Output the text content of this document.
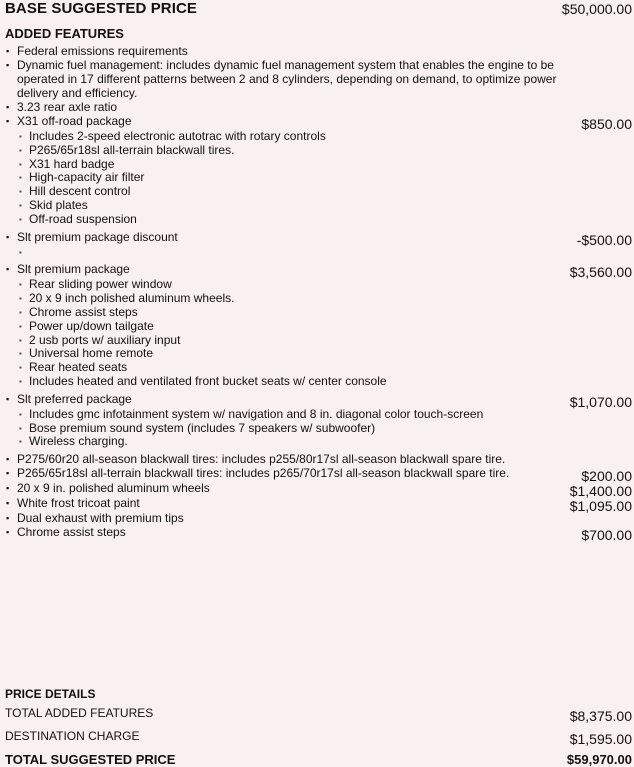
BASE SUGGESTED PRICE	$50,000.00
ADDED FEATURES
▪ Federal emissions requirements
▪ Dynamic fuel management: includes dynamic fuel management system that enables the engine to be operated in 17 different patterns between 2 and 8 cylinders, depending on demand, to optimize power delivery and efficiency.
▪ 3.23 rear axle ratio
▪ X31 off-road package	$850.00
▪ Includes 2-speed electronic autotrac with rotary controls
▪ P265/65r18sl all-terrain blackwall tires.
▪ X31 hard badge
▪ High-capacity air filter
▪ Hill descent control
▪ Skid plates
▪ Off-road suspension
▪ Slt premium package discount	-$500.00
▪
▪ Slt premium package	$3,560.00
▪ Rear sliding power window
▪ 20 x 9 inch polished aluminum wheels.
▪ Chrome assist steps
▪ Power up/down tailgate
▪ 2 usb ports w/ auxiliary input
▪ Universal home remote
▪ Rear heated seats
▪ Includes heated and ventilated front bucket seats w/ center console
▪ Slt preferred package	$1,070.00
▪ Includes gmc infotainment system w/ navigation and 8 in. diagonal color touch-screen
▪ Bose premium sound system (includes 7 speakers w/ subwoofer)
▪ Wireless charging.
▪ P275/60r20 all-season blackwall tires: includes p255/80r17sl all-season blackwall spare tire.
▪ P265/65r18sl all-terrain blackwall tires: includes p265/70r17sl all-season blackwall spare tire.	$200.00
▪ 20 x 9 in. polished aluminum wheels	$1,400.00
▪ White frost tricoat paint	$1,095.00
▪ Dual exhaust with premium tips
▪ Chrome assist steps	$700.00
PRICE DETAILS
TOTAL ADDED FEATURES	$8,375.00
DESTINATION CHARGE	$1,595.00
TOTAL SUGGESTED PRICE	$59,970.00
